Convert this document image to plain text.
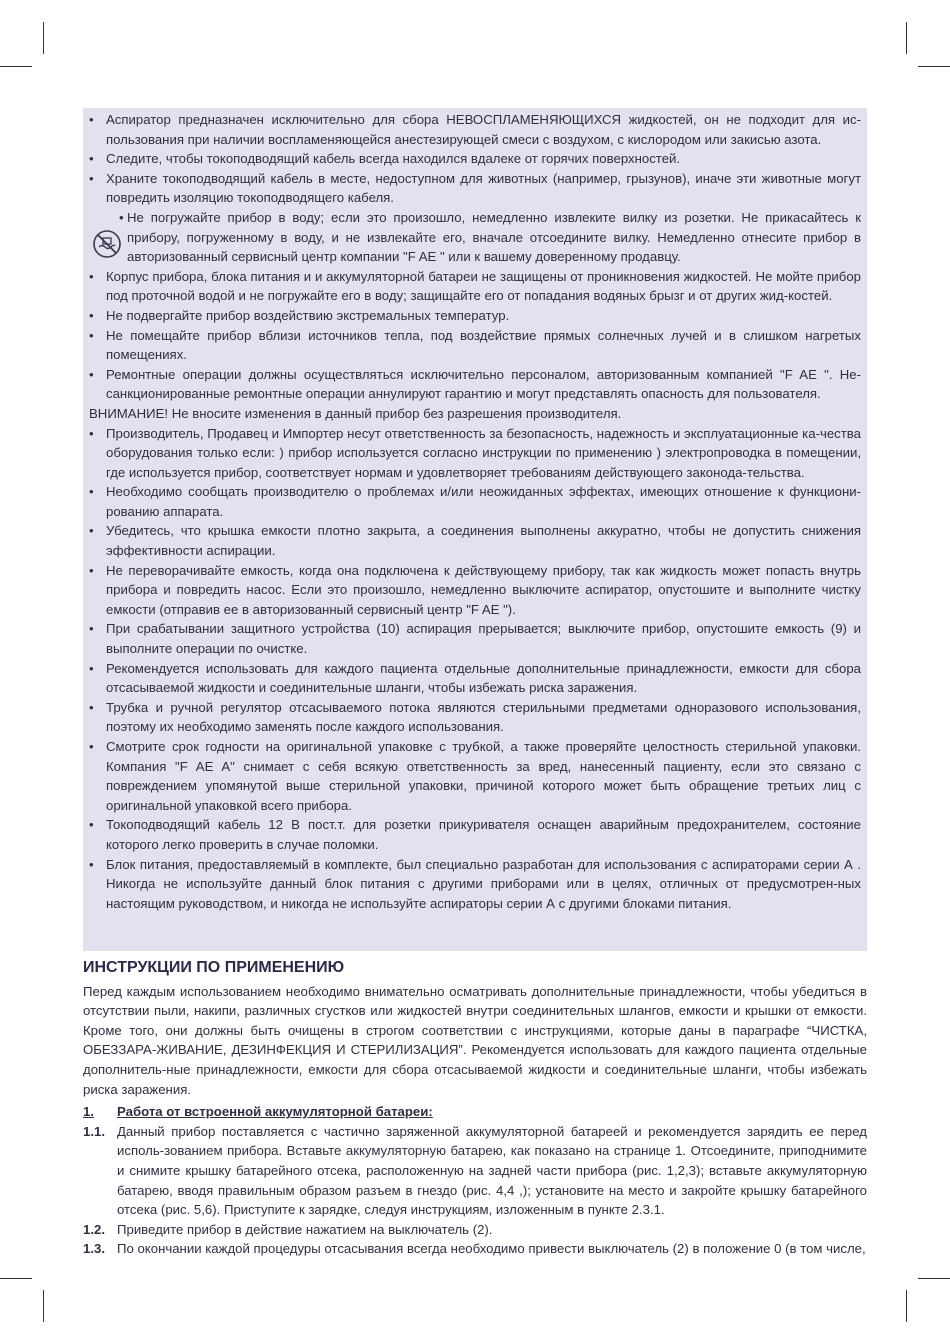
• Аспиратор предназначен исключительно для сбора НЕВОСПЛАМЕНЯЮЩИХСЯ жидкостей, он не подходит для ис-пользования при наличии воспламеняющейся анестезирующей смеси с воздухом, с кислородом или закисью азота.
• Следите, чтобы токоподводящий кабель всегда находился вдалеке от горячих поверхностей.
• Храните токоподводящий кабель в месте, недоступном для животных (например, грызунов), иначе эти животные могут повредить изоляцию токоподводящего кабеля.
• Не погружайте прибор в воду; если это произошло, немедленно извлеките вилку из розетки. Не прикасайтесь к прибору, погруженному в воду, и не извлекайте его, вначале отсоедините вилку. Немедленно отнесите прибор в авторизованный сервисный центр компании "F AE " или к вашему доверенному продавцу.
• Корпус прибора, блока питания и и аккумуляторной батареи не защищены от проникновения жидкостей. Не мойте прибор под проточной водой и не погружайте его в воду; защищайте его от попадания водяных брызг и от других жид-костей.
• Не подвергайте прибор воздействию экстремальных температур.
• Не помещайте прибор вблизи источников тепла, под воздействие прямых солнечных лучей и в слишком нагретых помещениях.
• Ремонтные операции должны осуществляться исключительно персоналом, авторизованным компанией "F AE ". Не-санкционированные ремонтные операции аннулируют гарантию и могут представлять опасность для пользователя.
ВНИМАНИЕ! Не вносите изменения в данный прибор без разрешения производителя.
• Производитель, Продавец и Импортер несут ответственность за безопасность, надежность и эксплуатационные ка-чества оборудования только если: ) прибор используется согласно инструкции по применению ) электропроводка в помещении, где используется прибор, соответствует нормам и удовлетворяет требованиям действующего законода-тельства.
• Необходимо сообщать производителю о проблемах и/или неожиданных эффектах, имеющих отношение к функциони-рованию аппарата.
• Убедитесь, что крышка емкости плотно закрыта, а соединения выполнены аккуратно, чтобы не допустить снижения эффективности аспирации.
• Не переворачивайте емкость, когда она подключена к действующему прибору, так как жидкость может попасть внутрь прибора и повредить насос. Если это произошло, немедленно выключите аспиратор, опустошите и выполните чистку емкости (отправив ее в авторизованный сервисный центр "F AE ").
• При срабатывании защитного устройства (10) аспирация прерывается; выключите прибор, опустошите емкость (9) и выполните операции по очистке.
• Рекомендуется использовать для каждого пациента отдельные дополнительные принадлежности, емкости для сбора отсасываемой жидкости и соединительные шланги, чтобы избежать риска заражения.
• Трубка и ручной регулятор отсасываемого потока являются стерильными предметами одноразового использования, поэтому их необходимо заменять после каждого использования.
• Смотрите срок годности на оригинальной упаковке с трубкой, а также проверяйте целостность стерильной упаковки. Компания "F AE A" снимает с себя всякую ответственность за вред, нанесенный пациенту, если это связано с повреждением упомянутой выше стерильной упаковки, причиной которого может быть обращение третьих лиц с оригинальной упаковкой всего прибора.
• Токоподводящий кабель 12 В пост.т. для розетки прикуривателя оснащен аварийным предохранителем, состояние которого легко проверить в случае поломки.
• Блок питания, предоставляемый в комплекте, был специально разработан для использования с аспираторами серии А . Никогда не используйте данный блок питания с другими приборами или в целях, отличных от предусмотрен-ных настоящим руководством, и никогда не используйте аспираторы серии А с другими блоками питания.
ИНСТРУКЦИИ ПО ПРИМЕНЕНИЮ
Перед каждым использованием необходимо внимательно осматривать дополнительные принадлежности, чтобы убедиться в отсутствии пыли, накипи, различных сгустков или жидкостей внутри соединительных шлангов, емкости и крышки от емкости. Кроме того, они должны быть очищены в строгом соответствии с инструкциями, которые даны в параграфе “ЧИСТКА, ОБЕЗЗАРА-ЖИВАНИЕ, ДЕЗИНФЕКЦИЯ И СТЕРИЛИЗАЦИЯ”. Рекомендуется использовать для каждого пациента отдельные дополнитель-ные принадлежности, емкости для сбора отсасываемой жидкости и соединительные шланги, чтобы избежать риска заражения.
1.	Работа от встроенной аккумуляторной батареи:
1.1. Данный прибор поставляется с частично заряженной аккумуляторной батареей и рекомендуется зарядить ее перед исполь-зованием прибора. Вставьте аккумуляторную батарею, как показано на странице 1. Отсоедините, приподнимите и снимите крышку батарейного отсека, расположенную на задней части прибора (рис. 1,2,3); вставьте аккумуляторную батарею, вводя правильным образом разъем в гнездо (рис. 4,4 ,); установите на место и закройте крышку батарейного отсека (рис. 5,6). Приступите к зарядке, следуя инструкциям, изложенным в пункте 2.3.1.
1.2. Приведите прибор в действие нажатием на выключатель (2).
1.3. По окончании каждой процедуры отсасывания всегда необходимо привести выключатель (2) в положение 0 (в том числе,
